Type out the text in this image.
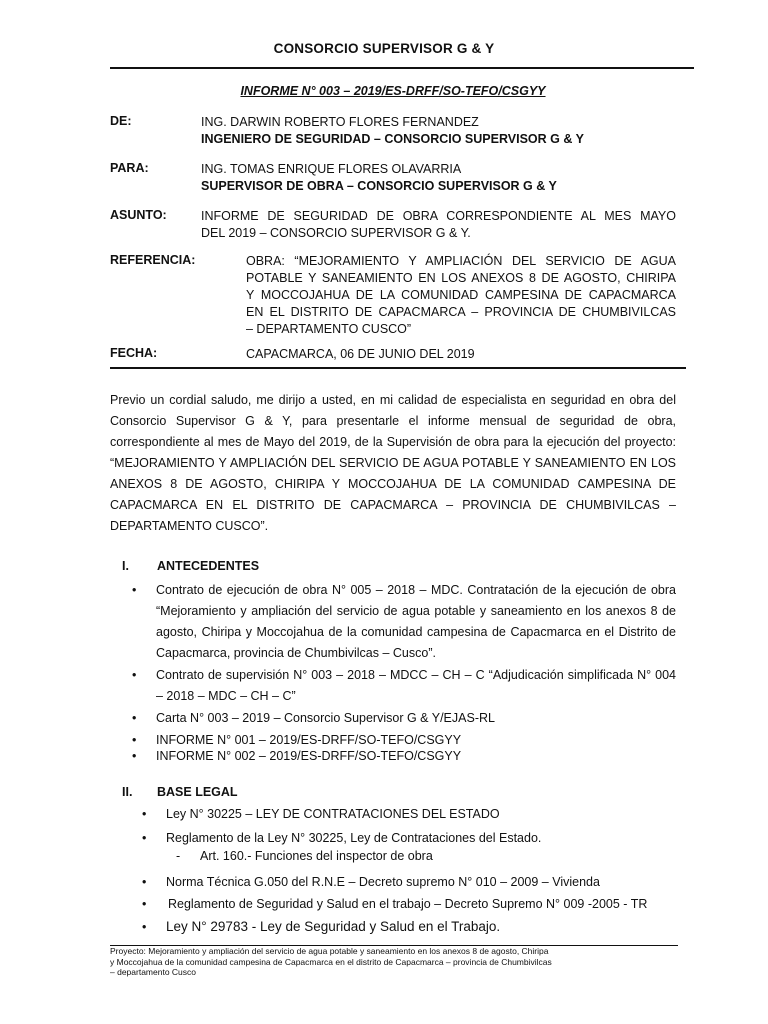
CONSORCIO SUPERVISOR G & Y
INFORME N° 003 – 2019/ES-DRFF/SO-TEFO/CSGYY
DE:	ING. DARWIN ROBERTO FLORES FERNANDEZ
INGENIERO DE SEGURIDAD – CONSORCIO SUPERVISOR G & Y
PARA:	ING. TOMAS ENRIQUE FLORES OLAVARRIA
SUPERVISOR DE OBRA – CONSORCIO SUPERVISOR G & Y
ASUNTO:	INFORME DE SEGURIDAD DE OBRA CORRESPONDIENTE AL MES MAYO
DEL 2019 – CONSORCIO SUPERVISOR G & Y.
REFERENCIA:	OBRA: “MEJORAMIENTO Y AMPLIACIÓN DEL SERVICIO DE AGUA
POTABLE Y SANEAMIENTO EN LOS ANEXOS 8 DE AGOSTO, CHIRIPA
Y MOCCOJAHUA DE LA COMUNIDAD CAMPESINA DE CAPACMARCA
EN EL DISTRITO DE CAPACMARCA – PROVINCIA DE CHUMBIVILCAS
– DEPARTAMENTO CUSCO”
FECHA:	CAPACMARCA, 06 DE JUNIO DEL 2019
Previo un cordial saludo, me dirijo a usted, en mi calidad de especialista en seguridad en obra del Consorcio Supervisor G & Y, para presentarle el informe mensual de seguridad de obra, correspondiente al mes de Mayo del 2019, de la Supervisión de obra para la ejecución del proyecto: “MEJORAMIENTO Y AMPLIACIÓN DEL SERVICIO DE AGUA POTABLE Y SANEAMIENTO EN LOS ANEXOS 8 DE AGOSTO, CHIRIPA Y MOCCOJAHUA DE LA COMUNIDAD CAMPESINA DE CAPACMARCA EN EL DISTRITO DE CAPACMARCA – PROVINCIA DE CHUMBIVILCAS – DEPARTAMENTO CUSCO”.
I. ANTECEDENTES
• Contrato de ejecución de obra N° 005 – 2018 – MDC. Contratación de la ejecución de obra “Mejoramiento y ampliación del servicio de agua potable y saneamiento en los anexos 8 de agosto, Chiripa y Moccojahua de la comunidad campesina de Capacmarca en el Distrito de Capacmarca, provincia de Chumbivilcas – Cusco”.
• Contrato de supervisión N° 003 – 2018 – MDCC – CH – C “Adjudicación simplificada N° 004 – 2018 – MDC – CH – C”
• Carta N° 003 – 2019 – Consorcio Supervisor G & Y/EJAS-RL
• INFORME N° 001 – 2019/ES-DRFF/SO-TEFO/CSGYY
• INFORME N° 002 – 2019/ES-DRFF/SO-TEFO/CSGYY
II. BASE LEGAL
• Ley N° 30225 – LEY DE CONTRATACIONES DEL ESTADO
• Reglamento de la Ley N° 30225, Ley de Contrataciones del Estado.
- Art. 160.- Funciones del inspector de obra
• Norma Técnica G.050 del R.N.E – Decreto supremo N° 010 – 2009 – Vivienda
• Reglamento de Seguridad y Salud en el trabajo – Decreto Supremo N° 009 -2005 - TR
• Ley N° 29783 - Ley de Seguridad y Salud en el Trabajo.
Proyecto: Mejoramiento y ampliación del servicio de agua potable y saneamiento en los anexos 8 de agosto, Chiripa
y Moccojahua de la comunidad campesina de Capacmarca en el distrito de Capacmarca – provincia de Chumbivilcas
– departamento Cusco
